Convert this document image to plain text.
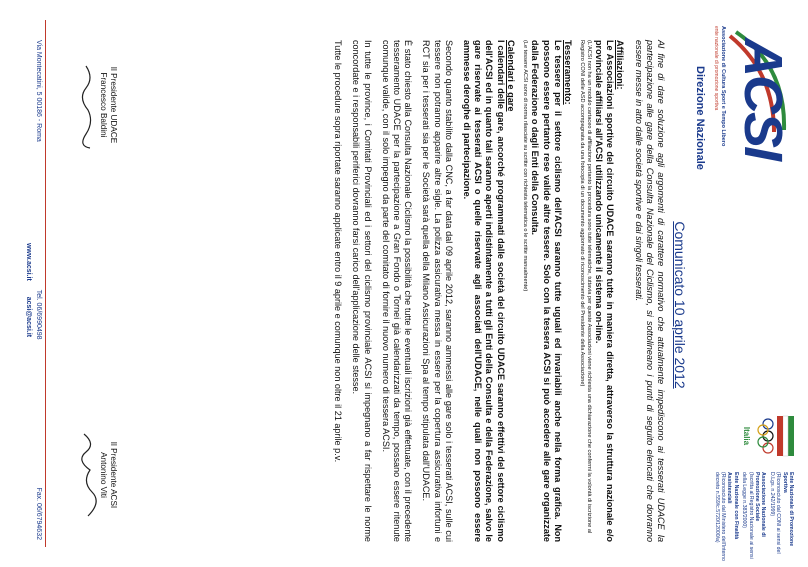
ACSI
Associazione di Cultura Sport e Tempo Libero
ente nazionale di promozione sportiva
Direzione Nazionale
Italia
Ente Nazionale di Promozione Sportiva
(Riconosciuto dal CONI ai sensi del D.Lgs. n.242/1999)
Associazione Nazionale di Promozione Sociale
(Iscritta al Registro Nazionale ai sensi della Legge n.383/2000)
Ente Nazionale con Finalità Assistenziali
(Riconosciuto dal Ministero dell'Interno decreto n.559/c.5720/12000/a)
Comunicato 10 aprile 2012

Al fine di dare soluzione agli argomenti di carattere normativo che attualmente impediscono ai tesserati UDACE la partecipazione alle gare della Consulta Nazionale del Ciclismo, si sottolineano i punti di seguito elencati che dovranno essere messe in atto dalle società sportive e dai singoli tesserati.

Affiliazioni:

Le Associazioni sportive del circuito UDACE saranno tutte in maniera diretta, attraverso la struttura nazionale e/o provinciale affiliarsi all'ACSI utilizzando unicamente il sistema on-line.

(L'ACSI non ha un modulo cartaceo di affiliazione pertanto la procedura sono tutte telematiche, tuttavia per queste Associazioni viene richiesta una dichiarazione che confermi la volontà di iscrizione al Registro CONI delle ASD accompagnata da una fotocopia di un documento aggiornato di riconoscimento del Presidente della Associazione)

Tesseramento:

Le tessere per il settore ciclismo dell'ACSI saranno tutte uguali ed invariabili anche nella forma grafica. Non possono essere pertanto rese valide altre tessere. Solo con la tessera ACSI si può accedere alle gare organizzate dalla Federazione o dagli Enti della Consulta.

(Le tessere ACSI sono di norma rilasciate su scritte con richiesta telematica o le scritte manualmente)

Calendari e gare

I calendari delle gare, ancorché programmati dalle società del circuito UDACE saranno effettivi del settore ciclismo dell'ACSI ed in quanto tali saranno aperti indistintamente a tutti gli Enti della Consulta e della Federazione, salvo le gare riservate ai tesserati ACSI o quelle riservate agli associati dell'UDACE, nelle quali non possono essere ammesse deroghe di partecipazione.

Secondo quanto stabilito dalla CNC, a far data dal 09 aprile 2012, saranno ammessi alle gare solo i tesserati ACSI, sulle cui tessere non potranno apparire altre sigle. La polizza assicurativa messa in essere per la copertura assicurativa infortuni e RCT sia per i tesserati sia per le Società sarà quella della Milano Assicurazioni Spa al tempo stipulata dall'UDACE.

È stato chiesto alla Consulta Nazionale Ciclismo la possibilità che tutte le eventuali iscrizioni già effettuate, con il precedente tesseramento UDACE per la partecipazione a Gran Fondo o Tornei già calendarizzati da tempo, possano essere ritenute comunque valide, con il solo impegno da parte del comitato di fornire il nuovo numero di tessera ACSI.

In tutte le province, i Comitati Provinciali ed i settori del ciclismo provinciale ACSI si impegnano a far rispettare le norme concordate e i responsabili periferici dovranno farsi carico dell'applicazione delle stesse.

Tutte le procedure sopra riportate saranno applicate entro il 9 aprile e comunque non oltre il 21 aprile p.v.

Il Presidente ACSI
Antonino Viti
Il Presidente UDACE
Francesco Baldini
Via Montecatini, 5 00186 - Roma
Tel. 06/6990498
Fax. 06/6794632
www.acsi.it  acsi@acsi.it
